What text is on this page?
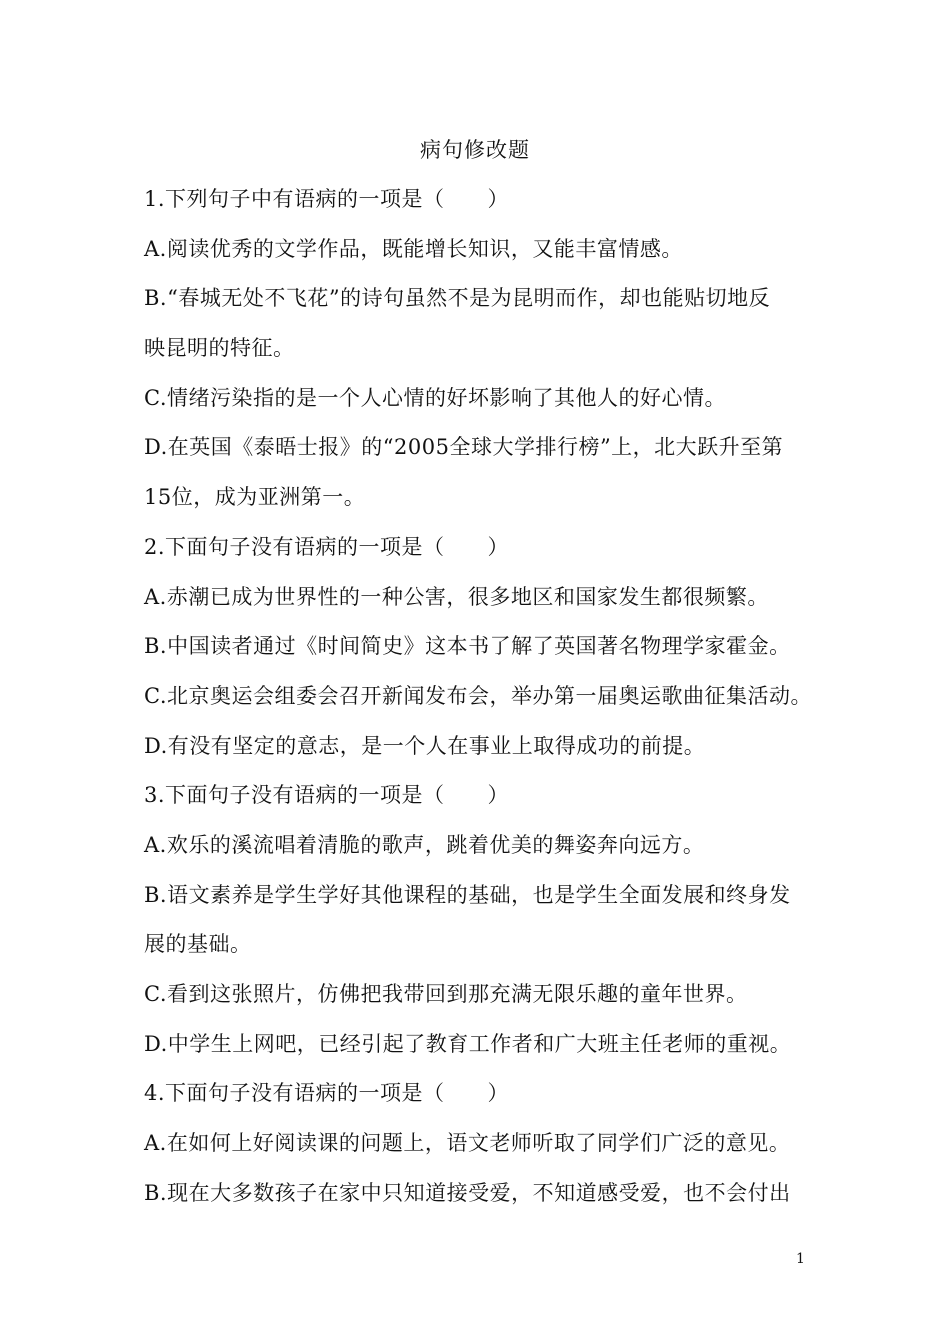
病句修改题
1.下列句子中有语病的一项是（　　）
A.阅读优秀的文学作品，既能增长知识，又能丰富情感。
B.“春城无处不飞花”的诗句虽然不是为昆明而作，却也能贴切地反
映昆明的特征。
C.情绪污染指的是一个人心情的好坏影响了其他人的好心情。
D.在英国《泰晤士报》的“2005全球大学排行榜”上，北大跃升至第
15位，成为亚洲第一。
2.下面句子没有语病的一项是（　　）
A.赤潮已成为世界性的一种公害，很多地区和国家发生都很频繁。
B.中国读者通过《时间简史》这本书了解了英国著名物理学家霍金。
C.北京奥运会组委会召开新闻发布会，举办第一届奥运歌曲征集活动。
D.有没有坚定的意志，是一个人在事业上取得成功的前提。
3.下面句子没有语病的一项是（　　）
A.欢乐的溪流唱着清脆的歌声，跳着优美的舞姿奔向远方。
B.语文素养是学生学好其他课程的基础，也是学生全面发展和终身发
展的基础。
C.看到这张照片，仿佛把我带回到那充满无限乐趣的童年世界。
D.中学生上网吧，已经引起了教育工作者和广大班主任老师的重视。
4.下面句子没有语病的一项是（　　）
A.在如何上好阅读课的问题上，语文老师听取了同学们广泛的意见。
B.现在大多数孩子在家中只知道接受爱，不知道感受爱，也不会付出
1
